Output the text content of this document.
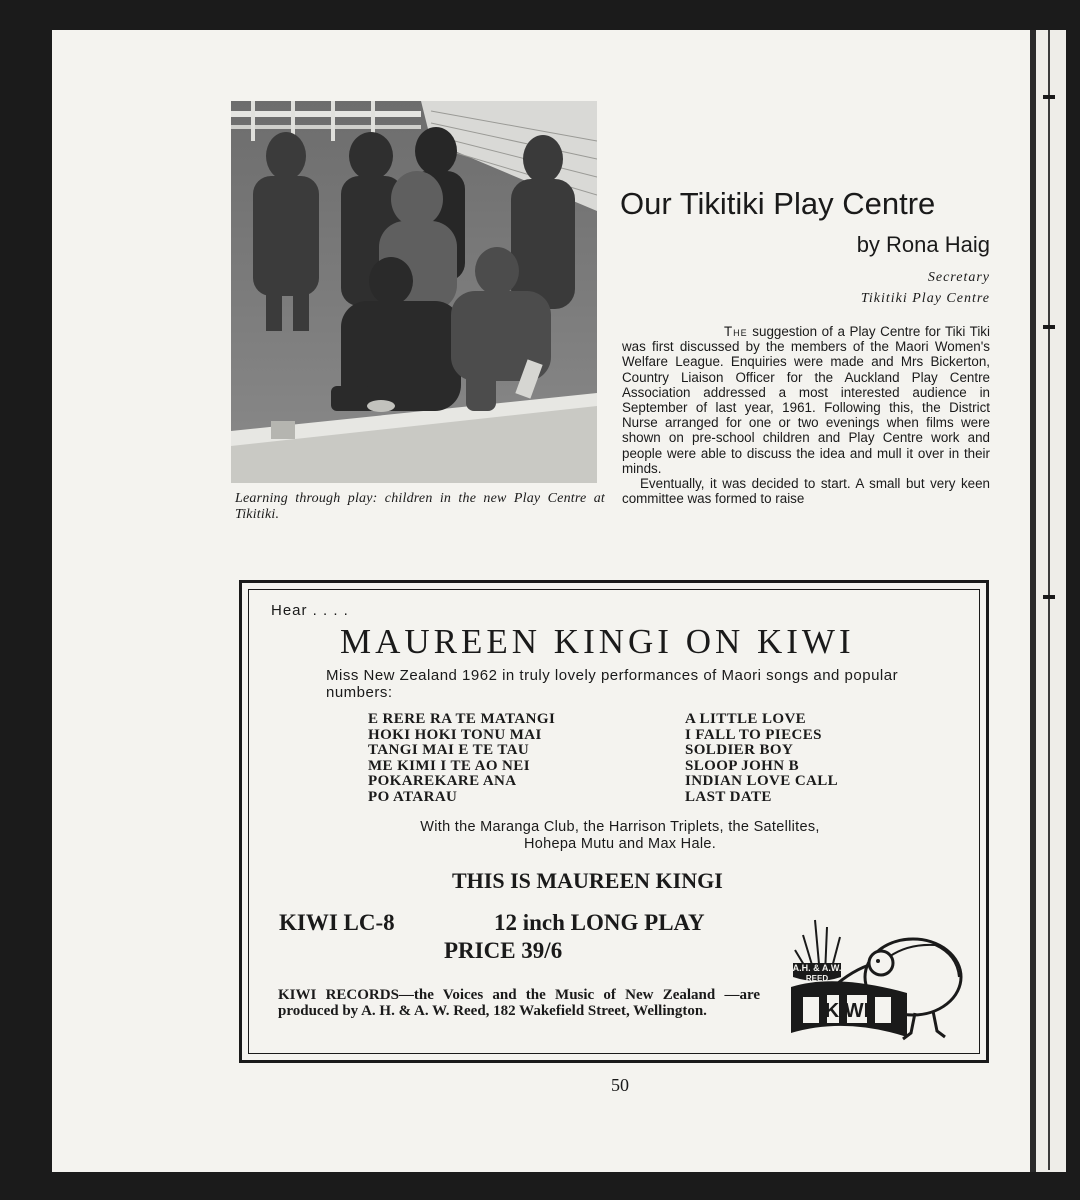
Learning through play: children in the new Play Centre at Tikitiki.
Our Tikitiki Play Centre
by Rona Haig
Secretary
Tikitiki Play Centre

The suggestion of a Play Centre for Tiki Tiki was first discussed by the members of the Maori Women's Welfare League. Enquiries were made and Mrs Bickerton, Country Liaison Officer for the Auckland Play Centre Association addressed a most interested audience in September of last year, 1961. Following this, the District Nurse arranged for one or two evenings when films were shown on pre-school children and Play Centre work and people were able to discuss the idea and mull it over in their minds.

Eventually, it was decided to start. A small but very keen committee was formed to raise

Hear . . . .
MAUREEN KINGI ON KIWI
Miss New Zealand 1962 in truly lovely performances of Maori songs and popular numbers:
E RERE RA TE MATANGI
HOKI HOKI TONU MAI
TANGI MAI E TE TAU
ME KIMI I TE AO NEI
POKAREKARE ANA
PO ATARAU
A LITTLE LOVE
I FALL TO PIECES
SOLDIER BOY
SLOOP JOHN B
INDIAN LOVE CALL
LAST DATE
With the Maranga Club, the Harrison Triplets, the Satellites,
Hohepa Mutu and Max Hale.
THIS IS MAUREEN KINGI
KIWI LC-8	12 inch LONG PLAY
PRICE 39/6
KIWI RECORDS—the Voices and the Music of New Zealand —are produced by A. H. & A. W. Reed, 182 Wakefield Street, Wellington.
A.H. & A.W.
REED
KIWI
50
